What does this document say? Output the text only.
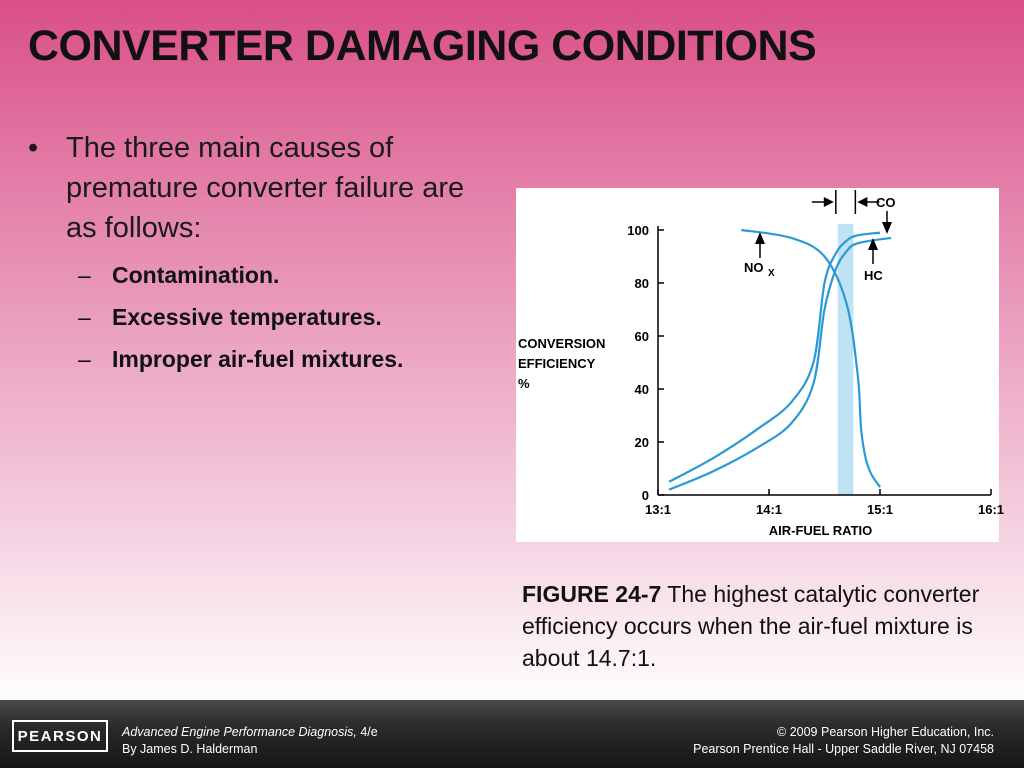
CONVERTER DAMAGING CONDITIONS
• The three main causes of premature converter failure are as follows:
– Contamination.
– Excessive temperatures.
– Improper air-fuel mixtures.
0
20
40
60
80
100
13:1	14:1	15:1	16:1
AIR-FUEL RATIO
CONVERSION
EFFICIENCY
%
NO X	HC
CO
FIGURE 24-7 The highest catalytic converter efficiency occurs when the air-fuel mixture is about 14.7:1.
PEARSON	Advanced Engine Performance Diagnosis, 4/e
By James D. Halderman
© 2009 Pearson Higher Education, Inc.
Pearson Prentice Hall - Upper Saddle River, NJ 07458
